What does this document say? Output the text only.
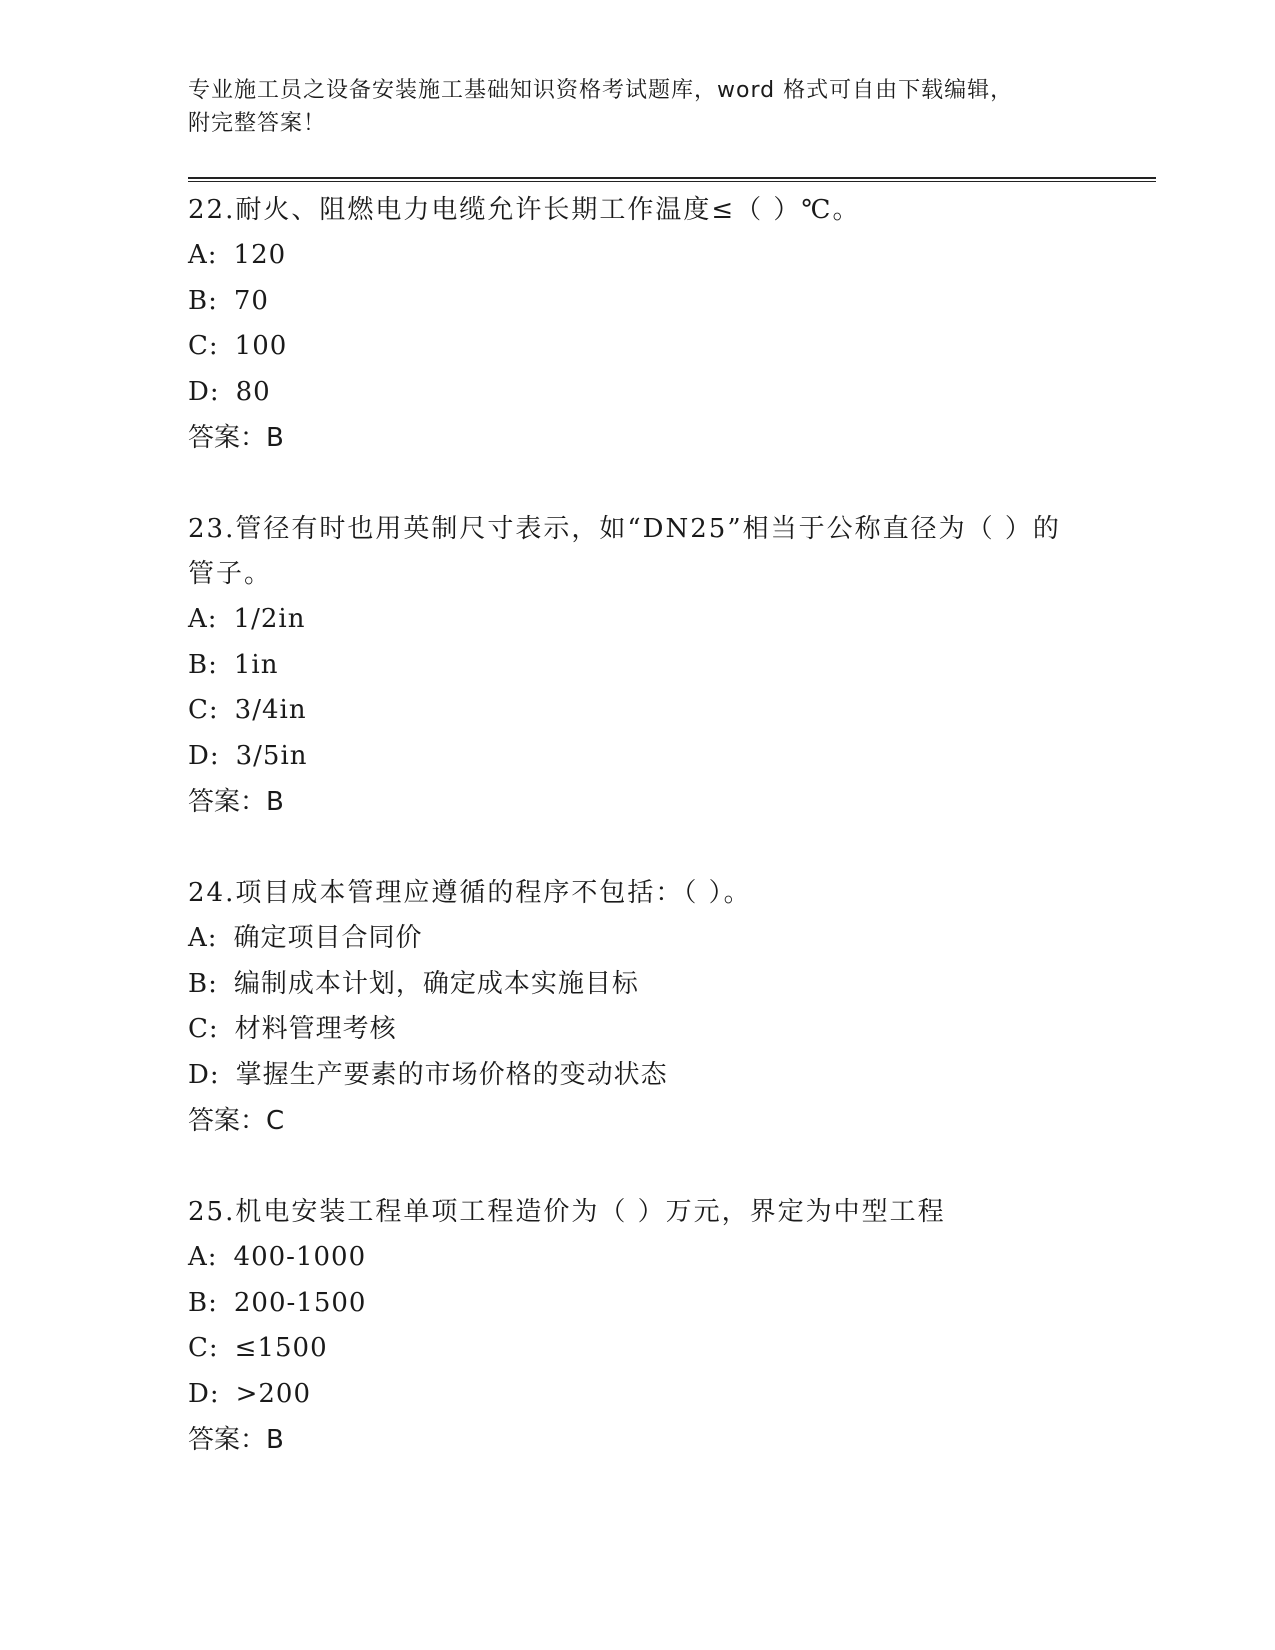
专业施工员之设备安装施工基础知识资格考试题库，word 格式可自由下载编辑，
附完整答案！
22.耐火、阻燃电力电缆允许长期工作温度≤（ ）℃。
A: 120
B: 70
C: 100
D: 80
答案：B
23.管径有时也用英制尺寸表示，如“DN25”相当于公称直径为（ ）的管子。
A: 1/2in
B: 1in
C: 3/4in
D: 3/5in
答案：B
24.项目成本管理应遵循的程序不包括：（ ）。
A: 确定项目合同价
B: 编制成本计划，确定成本实施目标
C: 材料管理考核
D: 掌握生产要素的市场价格的变动状态
答案：C
25.机电安装工程单项工程造价为（ ）万元，界定为中型工程
A: 400-1000
B: 200-1500
C: ≤1500
D: >200
答案：B
